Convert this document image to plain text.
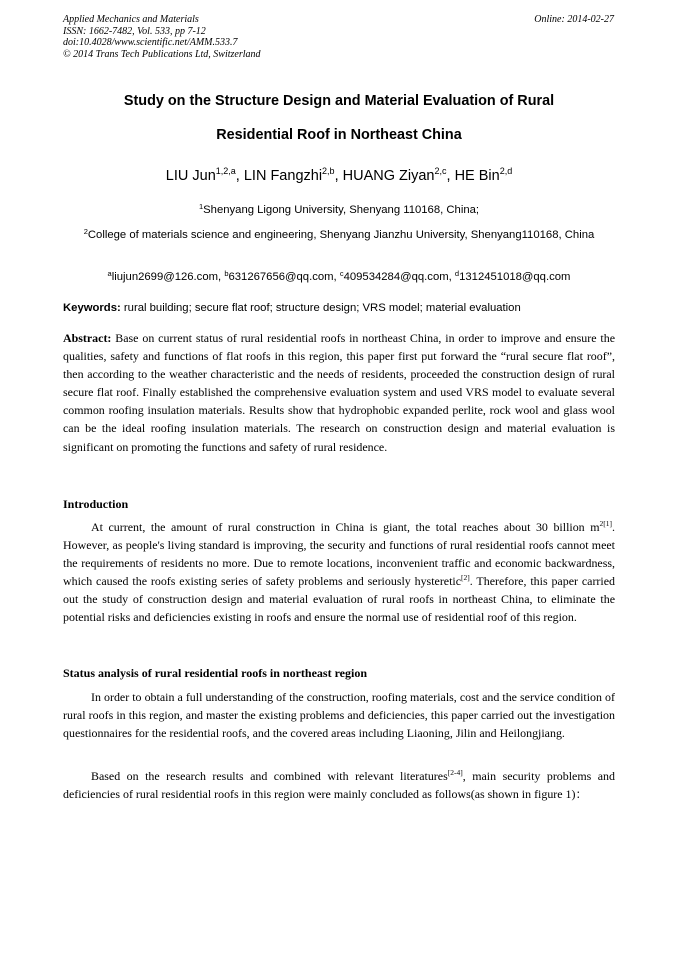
Applied Mechanics and Materials
ISSN: 1662-7482, Vol. 533, pp 7-12
doi:10.4028/www.scientific.net/AMM.533.7
© 2014 Trans Tech Publications Ltd, Switzerland
Online: 2014-02-27
Study on the Structure Design and Material Evaluation of Rural
Residential Roof in Northeast China
LIU Jun$^{1,2,a}$, LIN Fangzhi$^{2,b}$, HUANG Ziyan$^{2,c}$, HE Bin$^{2,d}$
$^1$Shenyang Ligong University, Shenyang 110168, China;
$^2$College of materials science and engineering, Shenyang Jianzhu University, Shenyang110168, China
$^a$liujun2699@126.com, $^b$631267656@qq.com, $^c$409534284@qq.com, $^d$1312451018@qq.com
Keywords: rural building; secure flat roof; structure design; VRS model; material evaluation
Abstract: Base on current status of rural residential roofs in northeast China, in order to improve and ensure the qualities, safety and functions of flat roofs in this region, this paper first put forward the “rural secure flat roof”, then according to the weather characteristic and the needs of residents, proceeded the construction design of rural secure flat roof. Finally established the comprehensive evaluation system and used VRS model to evaluate several common roofing insulation materials. Results show that hydrophobic expanded perlite, rock wool and glass wool can be the ideal roofing insulation materials. The research on construction design and material evaluation is significant on promoting the functions and safety of rural residence.
Introduction
At current, the amount of rural construction in China is giant, the total reaches about 30 billion $m^{2[1]}$. However, as people's living standard is improving, the security and functions of rural residential roofs cannot meet the requirements of residents no more. Due to remote locations, inconvenient traffic and economic backwardness, which caused the roofs existing series of safety problems and seriously hysteretic[2]. Therefore, this paper carried out the study of construction design and material evaluation of rural roofs in northeast China, to eliminate the potential risks and deficiencies existing in roofs and ensure the normal use of residential roof of this region.
Status analysis of rural residential roofs in northeast region
In order to obtain a full understanding of the construction, roofing materials, cost and the service condition of rural roofs in this region, and master the existing problems and deficiencies, this paper carried out the investigation questionnaires for the residential roofs, and the covered areas including Liaoning, Jilin and Heilongjiang.
Based on the research results and combined with relevant literatures[2-4], main security problems and deficiencies of rural residential roofs in this region were mainly concluded as follows(as shown in figure 1)：
